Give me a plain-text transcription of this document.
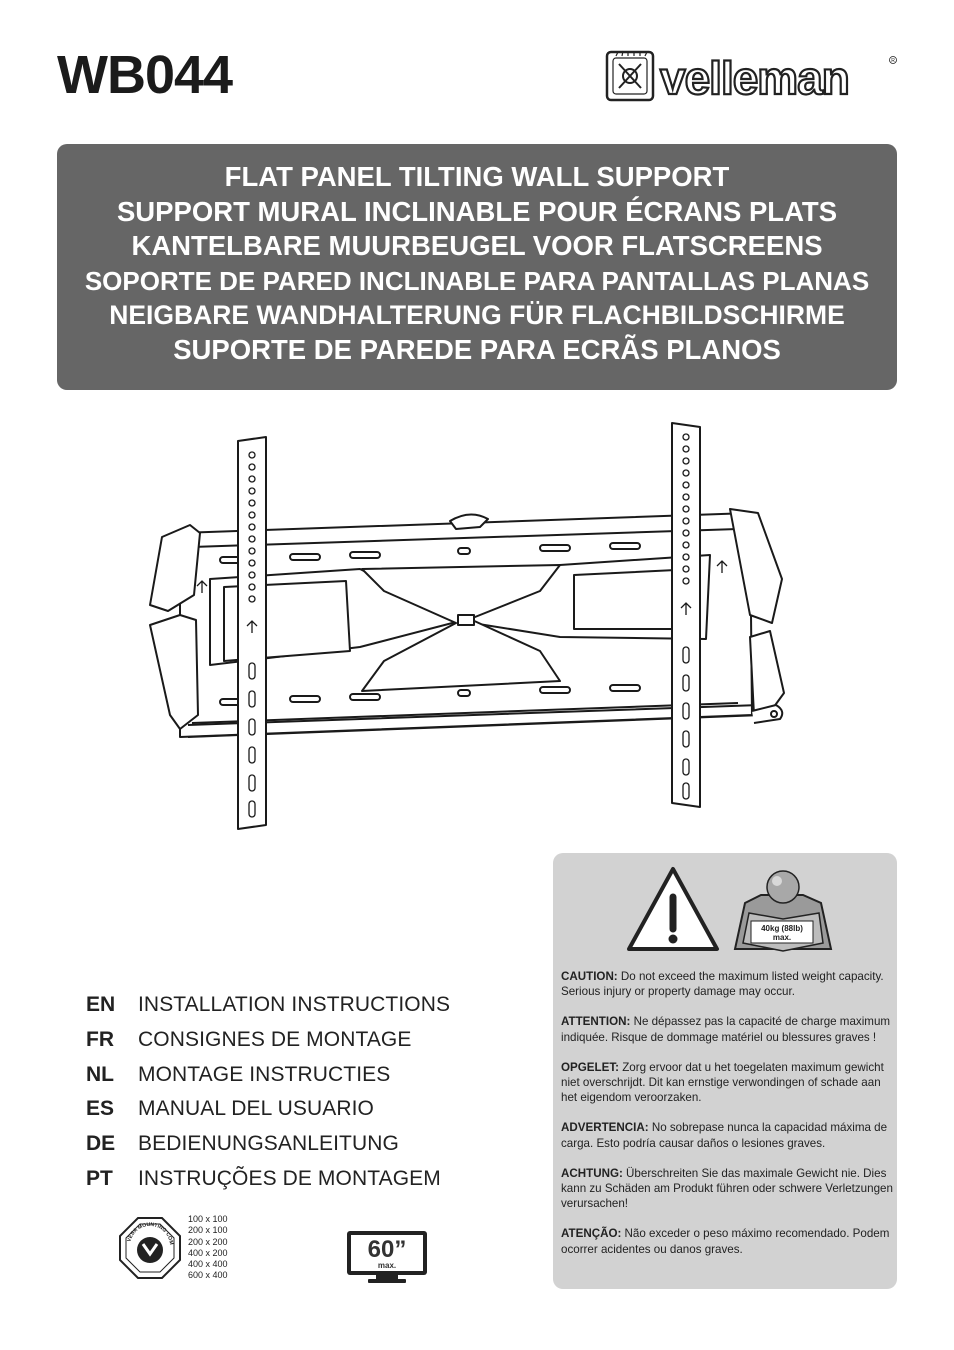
WB044	velleman	R
FLAT PANEL TILTING WALL SUPPORT
SUPPORT MURAL INCLINABLE POUR ÉCRANS PLATS
KANTELBARE MUURBEUGEL VOOR FLATSCREENS
SOPORTE DE PARED INCLINABLE PARA PANTALLAS PLANAS
NEIGBARE WANDHALTERUNG FÜR FLACHBILDSCHIRME
SUPORTE DE PAREDE PARA ECRÃS PLANOS
EN	INSTALLATION INSTRUCTIONS
FR	CONSIGNES DE MONTAGE
NL	MONTAGE INSTRUCTIES
ES	MANUAL DEL USUARIO
DE	BEDIENUNGSANLEITUNG
PT	INSTRUÇÕES DE MONTAGEM
VESA MOUNTING COM
100 x 100
200 x 100
200 x 200
400 x 200
400 x 400
600 x 400
60”
max.
40kg (88lb)
max.

CAUTION: Do not exceed the maximum listed weight capacity. Serious injury or property damage may occur.

ATTENTION: Ne dépassez pas la capacité de charge maximum indiquée. Risque de dommage matériel ou blessures graves !

OPGELET: Zorg ervoor dat u het toegelaten maximum gewicht niet overschrijdt. Dit kan ernstige verwondingen of schade aan het eigendom veroorzaken.

ADVERTENCIA: No sobrepase nunca la capacidad máxima de carga. Esto podría causar daños o lesiones graves.

ACHTUNG: Überschreiten Sie das maximale Gewicht nie. Dies kann zu Schäden am Produkt führen oder schwere Verletzungen verursachen!

ATENÇÃO: Não exceder o peso máximo recomendado. Podem ocorrer acidentes ou danos graves.
